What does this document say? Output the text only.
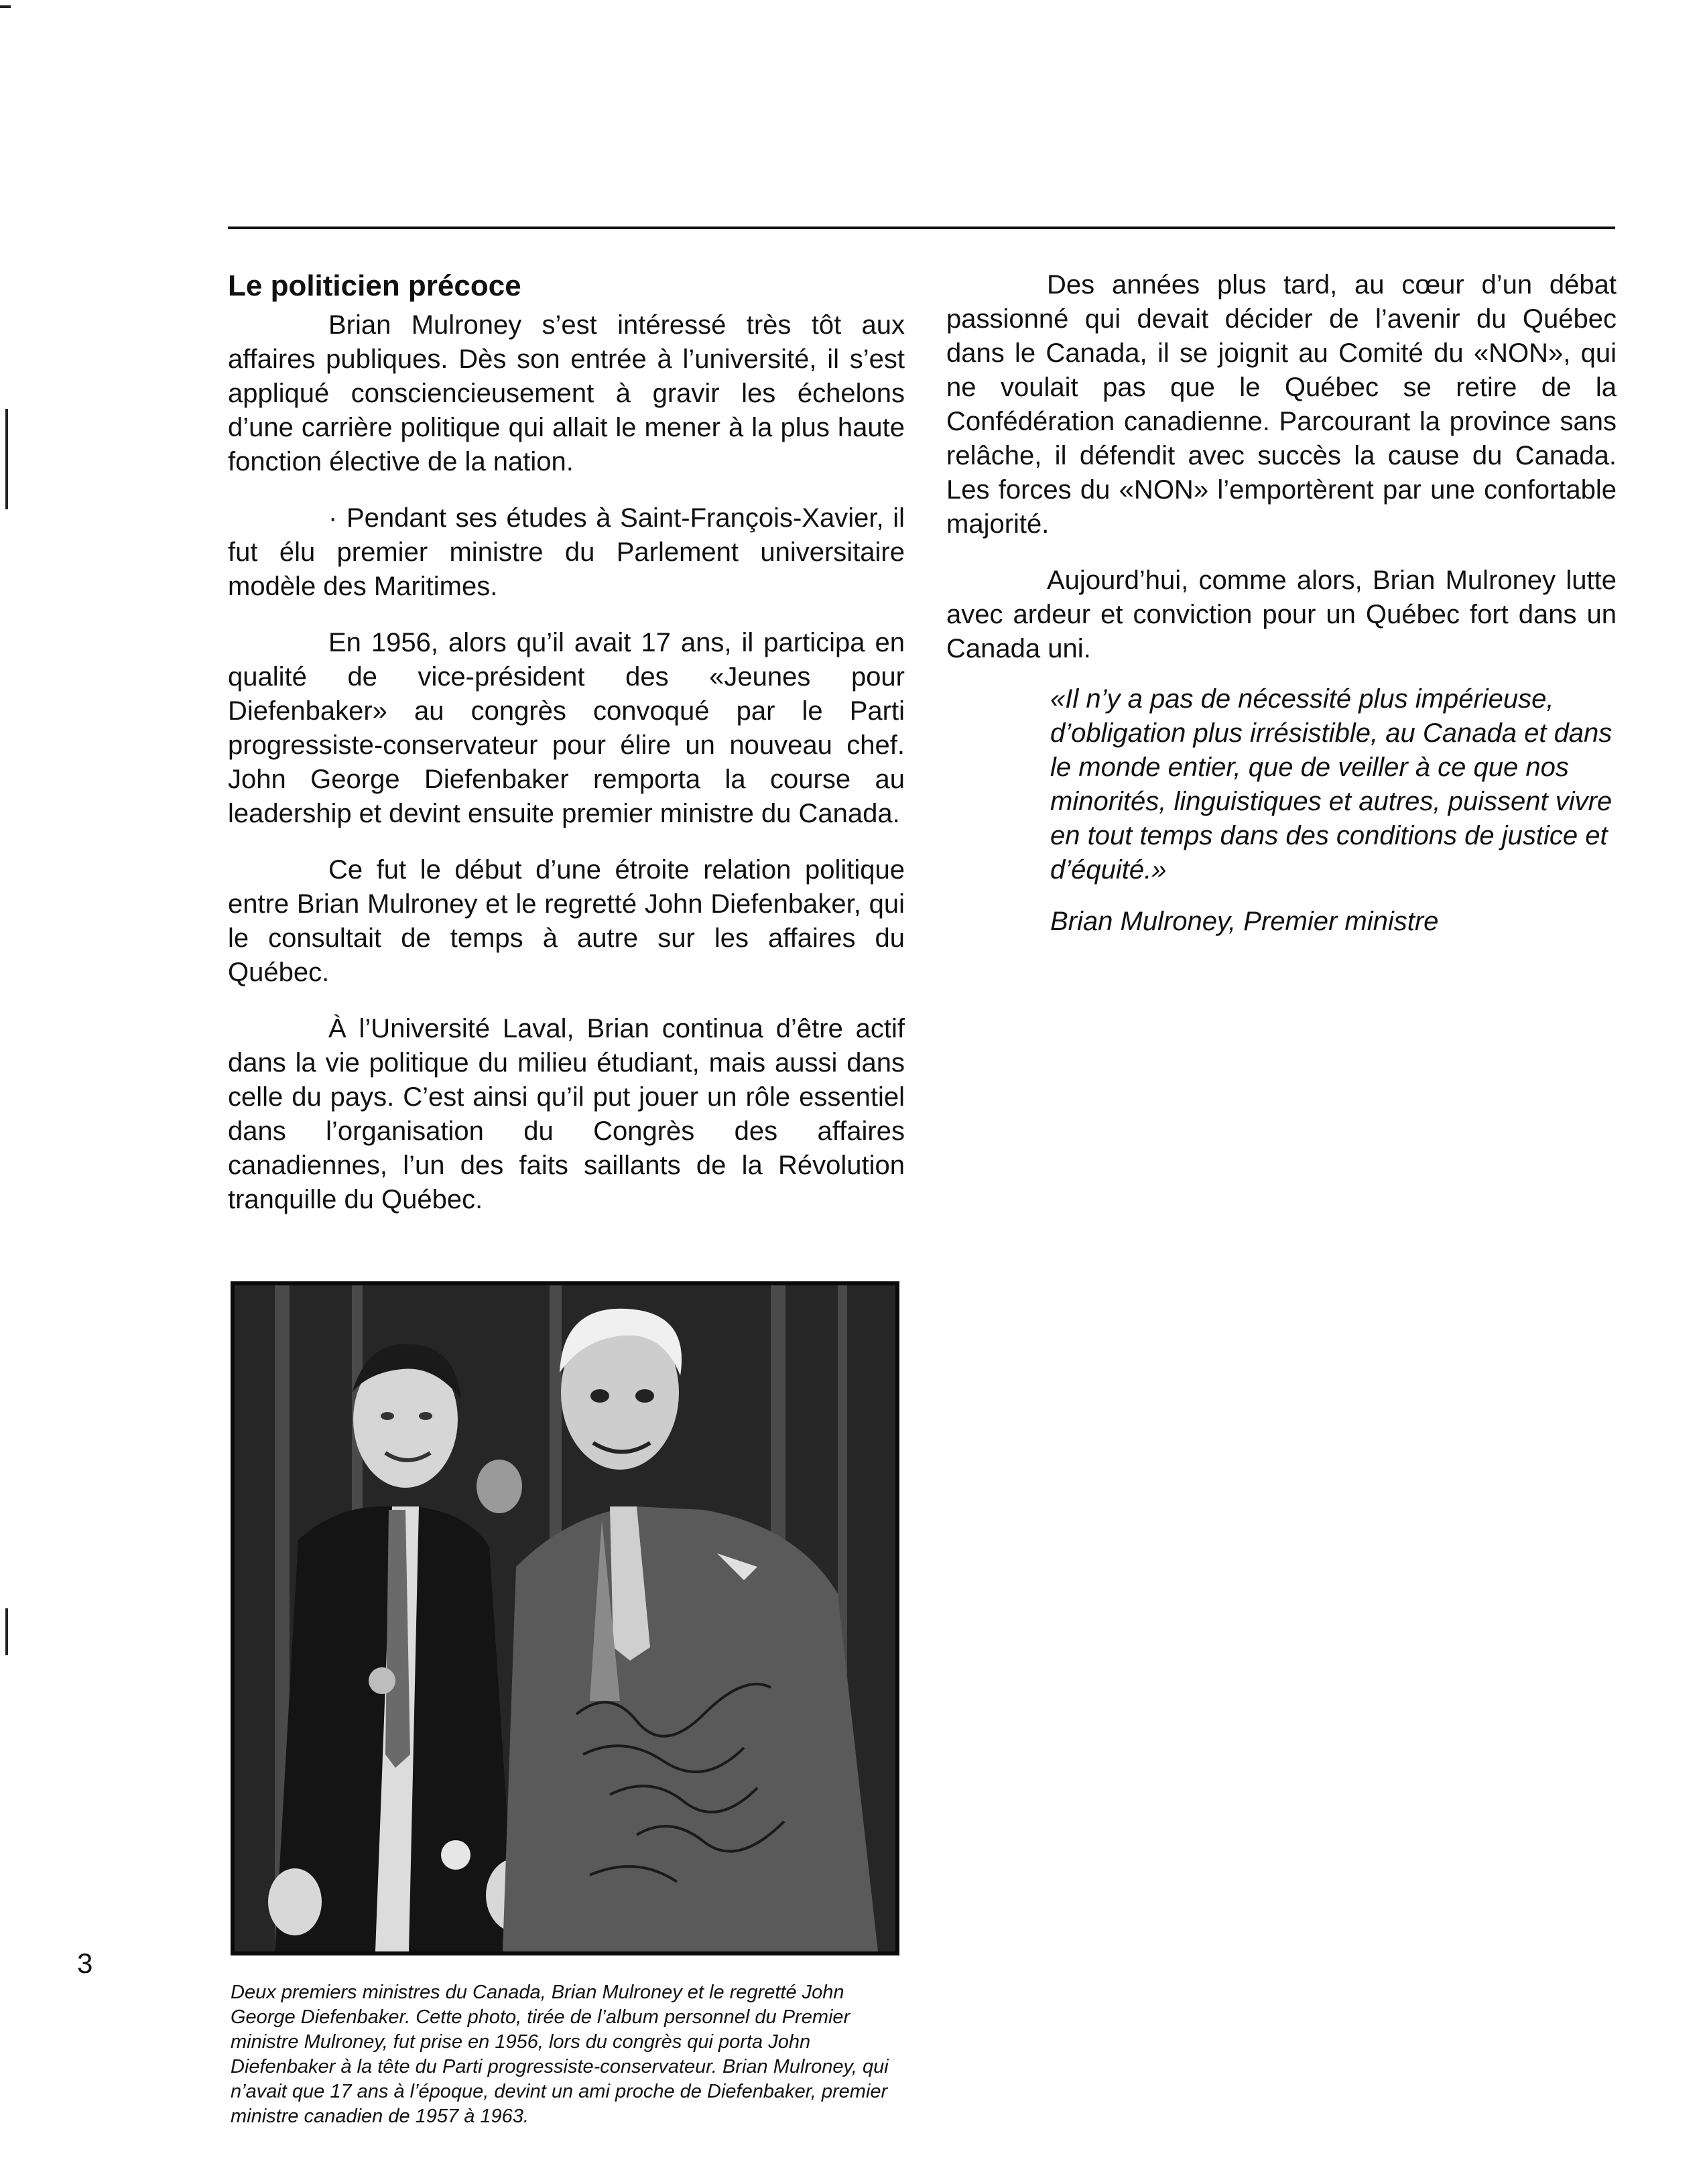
Le politicien précoce

Brian Mulroney s’est intéressé très tôt aux affaires publiques. Dès son entrée à l’université, il s’est appliqué consciencieusement à gravir les échelons d’une carrière politique qui allait le mener à la plus haute fonction élective de la nation.

· Pendant ses études à Saint-François-Xavier, il fut élu premier ministre du Parlement universitaire modèle des Maritimes.

En 1956, alors qu’il avait 17 ans, il participa en qualité de vice-président des «Jeunes pour Diefenbaker» au congrès convoqué par le Parti progressiste-conservateur pour élire un nouveau chef. John George Diefenbaker remporta la course au leadership et devint ensuite premier ministre du Canada.

Ce fut le début d’une étroite relation politique entre Brian Mulroney et le regretté John Diefenbaker, qui le consultait de temps à autre sur les affaires du Québec.

À l’Université Laval, Brian continua d’être actif dans la vie politique du milieu étudiant, mais aussi dans celle du pays. C’est ainsi qu’il put jouer un rôle essentiel dans l’organisation du Congrès des affaires canadiennes, l’un des faits saillants de la Révolution tranquille du Québec.

Des années plus tard, au cœur d’un débat passionné qui devait décider de l’avenir du Québec dans le Canada, il se joignit au Comité du «NON», qui ne voulait pas que le Québec se retire de la Confédération canadienne. Parcourant la province sans relâche, il défendit avec succès la cause du Canada. Les forces du «NON» l’emportèrent par une confortable majorité.

Aujourd’hui, comme alors, Brian Mulroney lutte avec ardeur et conviction pour un Québec fort dans un Canada uni.

«Il n’y a pas de nécessité plus impérieuse, d’obligation plus irrésistible, au Canada et dans le monde entier, que de veiller à ce que nos minorités, linguistiques et autres, puissent vivre en tout temps dans des conditions de justice et d’équité.»

Brian Mulroney, Premier ministre

Deux premiers ministres du Canada, Brian Mulroney et le regretté John George Diefenbaker. Cette photo, tirée de l’album personnel du Premier ministre Mulroney, fut prise en 1956, lors du congrès qui porta John Diefenbaker à la tête du Parti progressiste-conservateur. Brian Mulroney, qui n’avait que 17 ans à l’époque, devint un ami proche de Diefenbaker, premier ministre canadien de 1957 à 1963.
3
